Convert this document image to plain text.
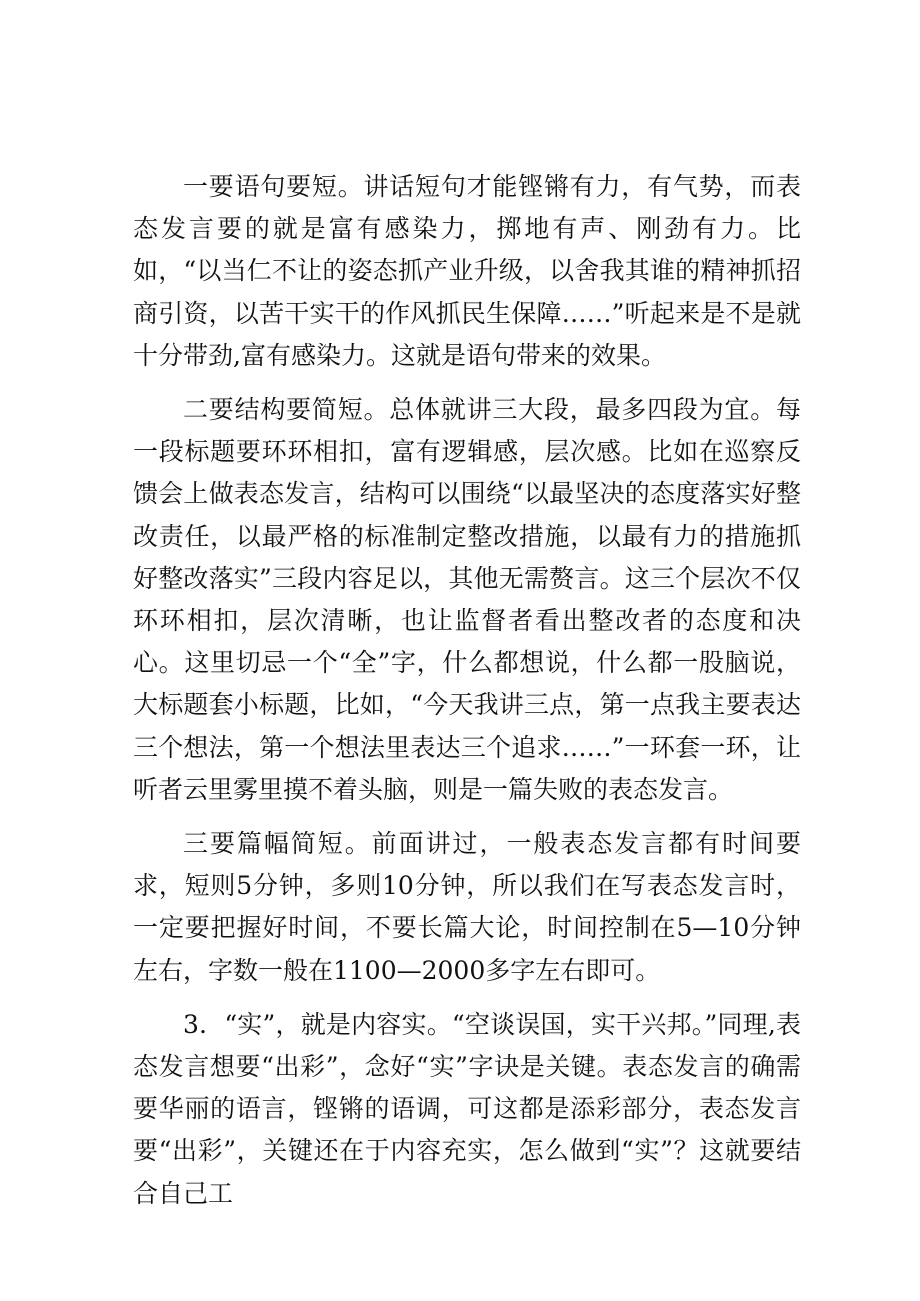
一要语句要短。讲话短句才能铿锵有力，有气势，而表态发言要的就是富有感染力，掷地有声、刚劲有力。比如，“以当仁不让的姿态抓产业升级，以舍我其谁的精神抓招商引资，以苦干实干的作风抓民生保障……”听起来是不是就十分带劲,富有感染力。这就是语句带来的效果。

二要结构要简短。总体就讲三大段，最多四段为宜。每一段标题要环环相扣，富有逻辑感，层次感。比如在巡察反馈会上做表态发言，结构可以围绕“以最坚决的态度落实好整改责任，以最严格的标准制定整改措施，以最有力的措施抓好整改落实”三段内容足以，其他无需赘言。这三个层次不仅环环相扣，层次清晰，也让监督者看出整改者的态度和决心。这里切忌一个“全”字，什么都想说，什么都一股脑说，大标题套小标题，比如，“今天我讲三点，第一点我主要表达三个想法，第一个想法里表达三个追求……”一环套一环，让听者云里雾里摸不着头脑，则是一篇失败的表态发言。

三要篇幅简短。前面讲过，一般表态发言都有时间要求，短则5分钟，多则10分钟，所以我们在写表态发言时，一定要把握好时间，不要长篇大论，时间控制在5—10分钟左右，字数一般在1100—2000多字左右即可。

3．“实”，就是内容实。“空谈误国，实干兴邦。”同理,表态发言想要“出彩”，念好“实”字诀是关键。表态发言的确需要华丽的语言，铿锵的语调，可这都是添彩部分，表态发言要“出彩”，关键还在于内容充实，怎么做到“实”？这就要结合自己工
